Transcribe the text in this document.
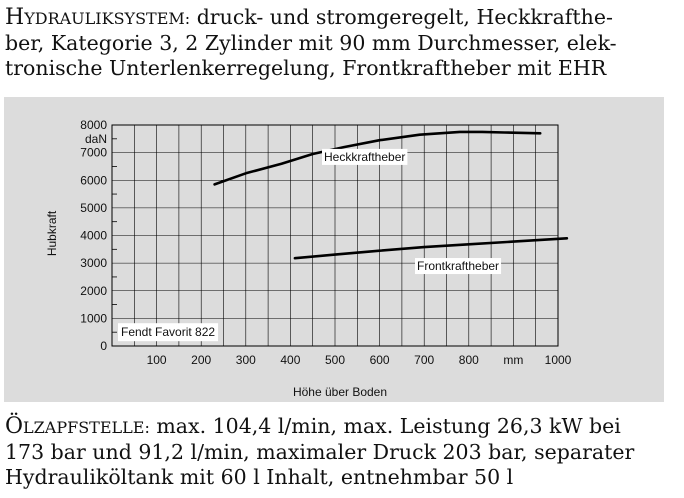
HYDRAULIKSYSTEM: druck- und stromgeregelt, Heckkrafthe-
ber, Kategorie 3, 2 Zylinder mit 90 mm Durchmesser, elek-
tronische Unterlenkerregelung, Frontkraftheber mit EHR

0
1000
2000
3000
4000
5000
6000
7000
8000
daN
100 200 300 400 500 600 700 800	1000
mm
Höhe über Boden
Hubkraft
Heckkraftheber
Frontkraftheber
Fendt Favorit 822

ÖLZAPFSTELLE: max. 104,4 l/min, max. Leistung 26,3 kW bei
173 bar und 91,2 l/min, maximaler Druck 203 bar, separater
Hydrauliköltank mit 60 l Inhalt, entnehmbar 50 l
